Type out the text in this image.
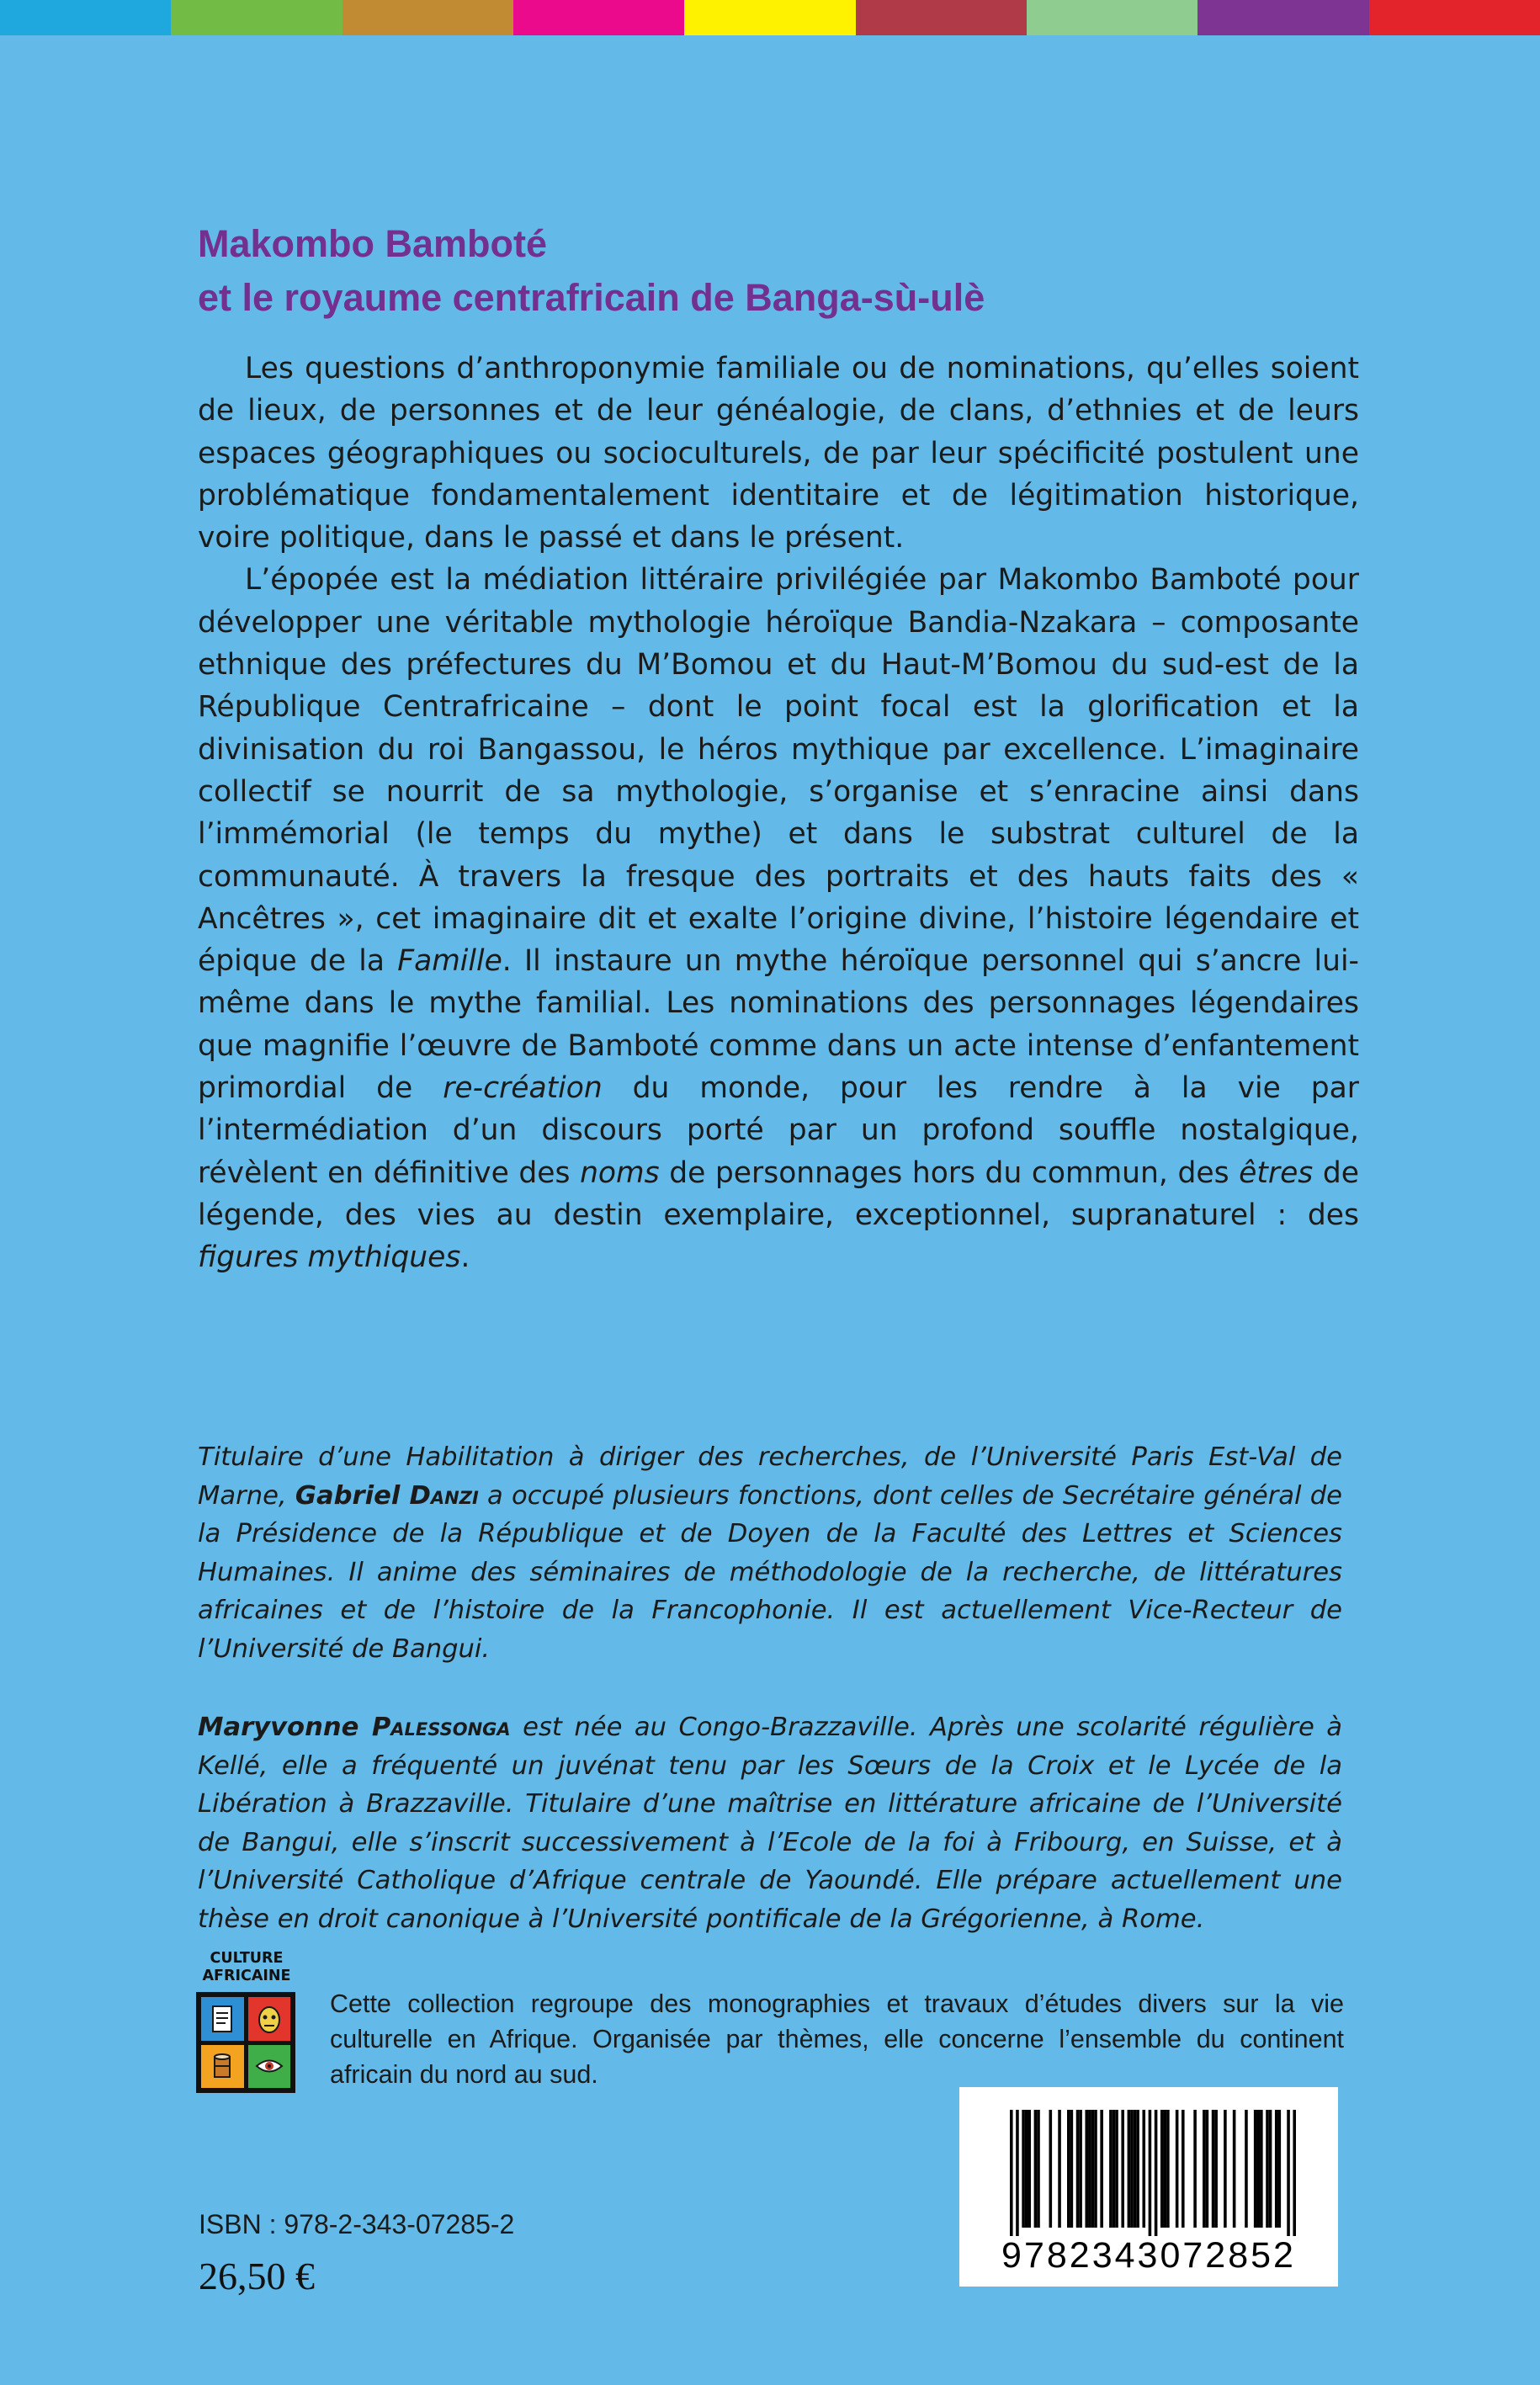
Makombo Bamboté
et le royaume centrafricain de Banga-sù-ulè

Les questions d’anthroponymie familiale ou de nominations, qu’elles soient de lieux, de personnes et de leur généalogie, de clans, d’ethnies et de leurs espaces géographiques ou socioculturels, de par leur spécificité postulent une problématique fondamentalement identitaire et de légitimation historique, voire politique, dans le passé et dans le présent.

L’épopée est la médiation littéraire privilégiée par Makombo Bamboté pour développer une véritable mythologie héroïque Bandia-Nzakara – composante ethnique des préfectures du M’Bomou et du Haut-M’Bomou du sud-est de la République Centrafricaine – dont le point focal est la glorification et la divinisation du roi Bangassou, le héros mythique par excellence. L’imaginaire collectif se nourrit de sa mythologie, s’organise et s’enracine ainsi dans l’immémorial (le temps du mythe) et dans le substrat culturel de la communauté. À travers la fresque des portraits et des hauts faits des « Ancêtres », cet imaginaire dit et exalte l’origine divine, l’histoire légendaire et épique de la Famille. Il instaure un mythe héroïque personnel qui s’ancre lui-même dans le mythe familial. Les nominations des personnages légendaires que magnifie l’œuvre de Bamboté comme dans un acte intense d’enfantement primordial de re-création du monde, pour les rendre à la vie par l’intermédiation d’un discours porté par un profond souffle nostalgique, révèlent en définitive des noms de personnages hors du commun, des êtres de légende, des vies au destin exemplaire, exceptionnel, supranaturel : des figures mythiques.

Titulaire d’une Habilitation à diriger des recherches, de l’Université Paris Est-Val de Marne, Gabriel Danzi a occupé plusieurs fonctions, dont celles de Secrétaire général de la Présidence de la République et de Doyen de la Faculté des Lettres et Sciences Humaines. Il anime des séminaires de méthodologie de la recherche, de littératures africaines et de l’histoire de la Francophonie. Il est actuellement Vice-Recteur de l’Université de Bangui.

Maryvonne Palessonga est née au Congo-Brazzaville. Après une scolarité régulière à Kellé, elle a fréquenté un juvénat tenu par les Sœurs de la Croix et le Lycée de la Libération à Brazzaville. Titulaire d’une maîtrise en littérature africaine de l’Université de Bangui, elle s’inscrit successivement à l’Ecole de la foi à Fribourg, en Suisse, et à l’Université Catholique d’Afrique centrale de Yaoundé. Elle prépare actuellement une thèse en droit canonique à l’Université pontificale de la Grégorienne, à Rome.

CULTURE
AFRICAINE

Cette collection regroupe des monographies et travaux d’études divers sur la vie culturelle en Afrique. Organisée par thèmes, elle concerne l’ensemble du continent africain du nord au sud.

9782343072852

ISBN : 978-2-343-07285-2

26,50 €
